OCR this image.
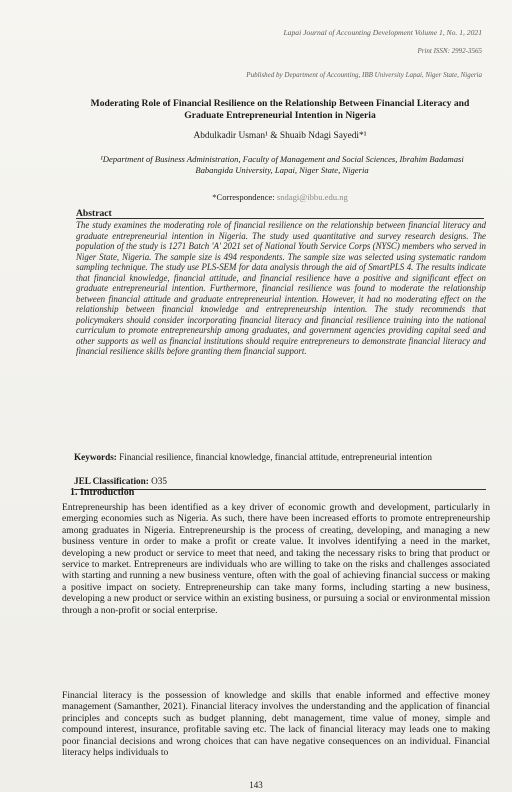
Lapai Journal of Accounting Development Volume 1, No. 1, 2021
Print ISSN: 2992-3565
Published by Department of Accounting, IBB University Lapai, Niger State, Nigeria
Moderating Role of Financial Resilience on the Relationship Between Financial Literacy and Graduate Entrepreneurial Intention in Nigeria
Abdulkadir Usman¹ & Shuaib Ndagi Sayedi*¹
¹Department of Business Administration, Faculty of Management and Social Sciences, Ibrahim Badamasi Babangida University, Lapai, Niger State, Nigeria
*Correspondence: sndagi@ibbu.edu.ng
Abstract
The study examines the moderating role of financial resilience on the relationship between financial literacy and graduate entrepreneurial intention in Nigeria. The study used quantitative and survey research designs. The population of the study is 1271 Batch 'A' 2021 set of National Youth Service Corps (NYSC) members who served in Niger State, Nigeria. The sample size is 494 respondents. The sample size was selected using systematic random sampling technique. The study use PLS-SEM for data analysis through the aid of SmartPLS 4. The results indicate that financial knowledge, financial attitude, and financial resilience have a positive and significant effect on graduate entrepreneurial intention. Furthermore, financial resilience was found to moderate the relationship between financial attitude and graduate entrepreneurial intention. However, it had no moderating effect on the relationship between financial knowledge and entrepreneurship intention. The study recommends that policymakers should consider incorporating financial literacy and financial resilience training into the national curriculum to promote entrepreneurship among graduates, and government agencies providing capital seed and other supports as well as financial institutions should require entrepreneurs to demonstrate financial literacy and financial resilience skills before granting them financial support.
Keywords: Financial resilience, financial knowledge, financial attitude, entrepreneurial intention
JEL Classification: O35
1. Introduction
Entrepreneurship has been identified as a key driver of economic growth and development, particularly in emerging economies such as Nigeria. As such, there have been increased efforts to promote entrepreneurship among graduates in Nigeria. Entrepreneurship is the process of creating, developing, and managing a new business venture in order to make a profit or create value. It involves identifying a need in the market, developing a new product or service to meet that need, and taking the necessary risks to bring that product or service to market. Entrepreneurs are individuals who are willing to take on the risks and challenges associated with starting and running a new business venture, often with the goal of achieving financial success or making a positive impact on society. Entrepreneurship can take many forms, including starting a new business, developing a new product or service within an existing business, or pursuing a social or environmental mission through a non-profit or social enterprise.
Financial literacy is the possession of knowledge and skills that enable informed and effective money management (Samanther, 2021). Financial literacy involves the understanding and the application of financial principles and concepts such as budget planning, debt management, time value of money, simple and compound interest, insurance, profitable saving etc. The lack of financial literacy may leads one to making poor financial decisions and wrong choices that can have negative consequences on an individual. Financial literacy helps individuals to
143
